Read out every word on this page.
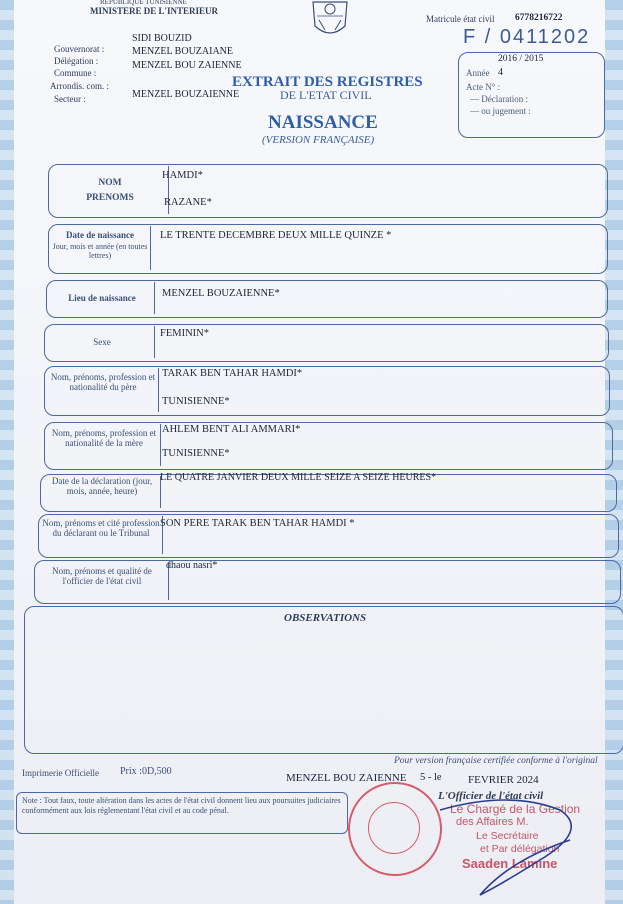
REPUBLIQUE TUNISIENNE
MINISTERE DE L'INTERIEUR
Matricule état civil 6778216722
F / 0411202
Gouvernorat :
Délégation :
Commune :
Arrondis. com. :
Secteur :
SIDI BOUZID
MENZEL BOUZAIANE
MENZEL BOU ZAIENNE
MENZEL BOUZAIENNE
EXTRAIT DES REGISTRES
DE L'ETAT CIVIL
NAISSANCE
(VERSION FRANÇAISE)
2016 / 2015
Année 4
Acte N° :
— Déclaration :
— ou jugement :
NOM
PRENOMS
HAMDI*
RAZANE*
Date de naissance
Jour, mois et année (en toutes lettres)
LE TRENTE DECEMBRE DEUX MILLE QUINZE *
Lieu de naissance	MENZEL BOUZAIENNE*
Sexe
FEMININ*
Nom, prénoms, profession et nationalité du père
TARAK BEN TAHAR HAMDI*
TUNISIENNE*
Nom, prénoms, profession et nationalité de la mère
AHLEM BENT ALI AMMARI*
TUNISIENNE*
Date de la déclaration (jour, mois, année, heure)
LE QUATRE JANVIER DEUX MILLE SEIZE A SEIZE HEURES*
Nom, prénoms et cité profession du déclarant ou le Tribunal
SON PERE TARAK BEN TAHAR HAMDI *
Nom, prénoms et qualité de l'officier de l'état civil
dhaou nasri*
OBSERVATIONS
Pour version française certifiée conforme à l'original
Imprimerie Officielle Prix :0D,500
MENZEL BOU ZAIENNE 5 - le FEVRIER 2024
Note : Tout faux, toute altération dans les actes de l'état civil donnent lieu aux poursuites judiciaires conformément aux lois réglementant l'état civil et au code pénal.
L'Officier de l'état civil
Le Chargé de la Gestion
des Affaires M.
Le Secrétaire
et Par délégation
Saaden Lamine
